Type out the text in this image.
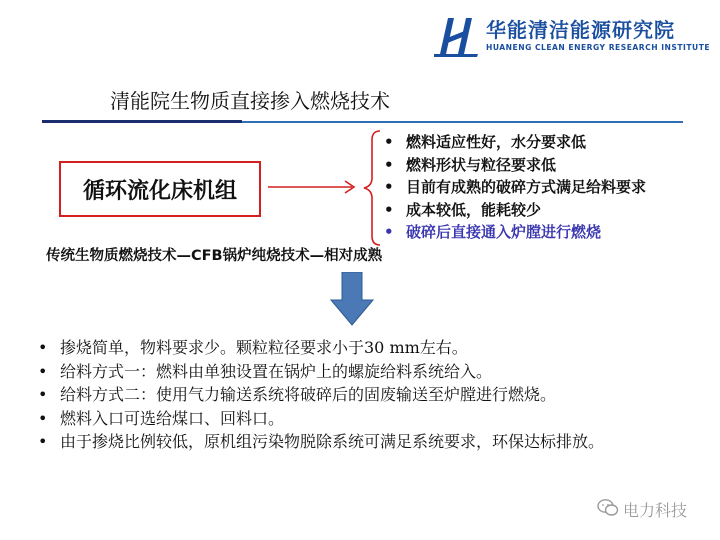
华能清洁能源研究院
HUANENG CLEAN ENERGY RESEARCH INSTITUTE
清能院生物质直接掺入燃烧技术
循环流化床机组
• 燃料适应性好，水分要求低
• 燃料形状与粒径要求低
• 目前有成熟的破碎方式满足给料要求
• 成本较低，能耗较少
• 破碎后直接通入炉膛进行燃烧
传统生物质燃烧技术—CFB锅炉纯烧技术—相对成熟
• 掺烧简单，物料要求少。颗粒粒径要求小于30 mm左右。
• 给料方式一：燃料由单独设置在锅炉上的螺旋给料系统给入。
• 给料方式二：使用气力输送系统将破碎后的固废输送至炉膛进行燃烧。
• 燃料入口可选给煤口、回料口。
• 由于掺烧比例较低，原机组污染物脱除系统可满足系统要求，环保达标排放。
电力科技
